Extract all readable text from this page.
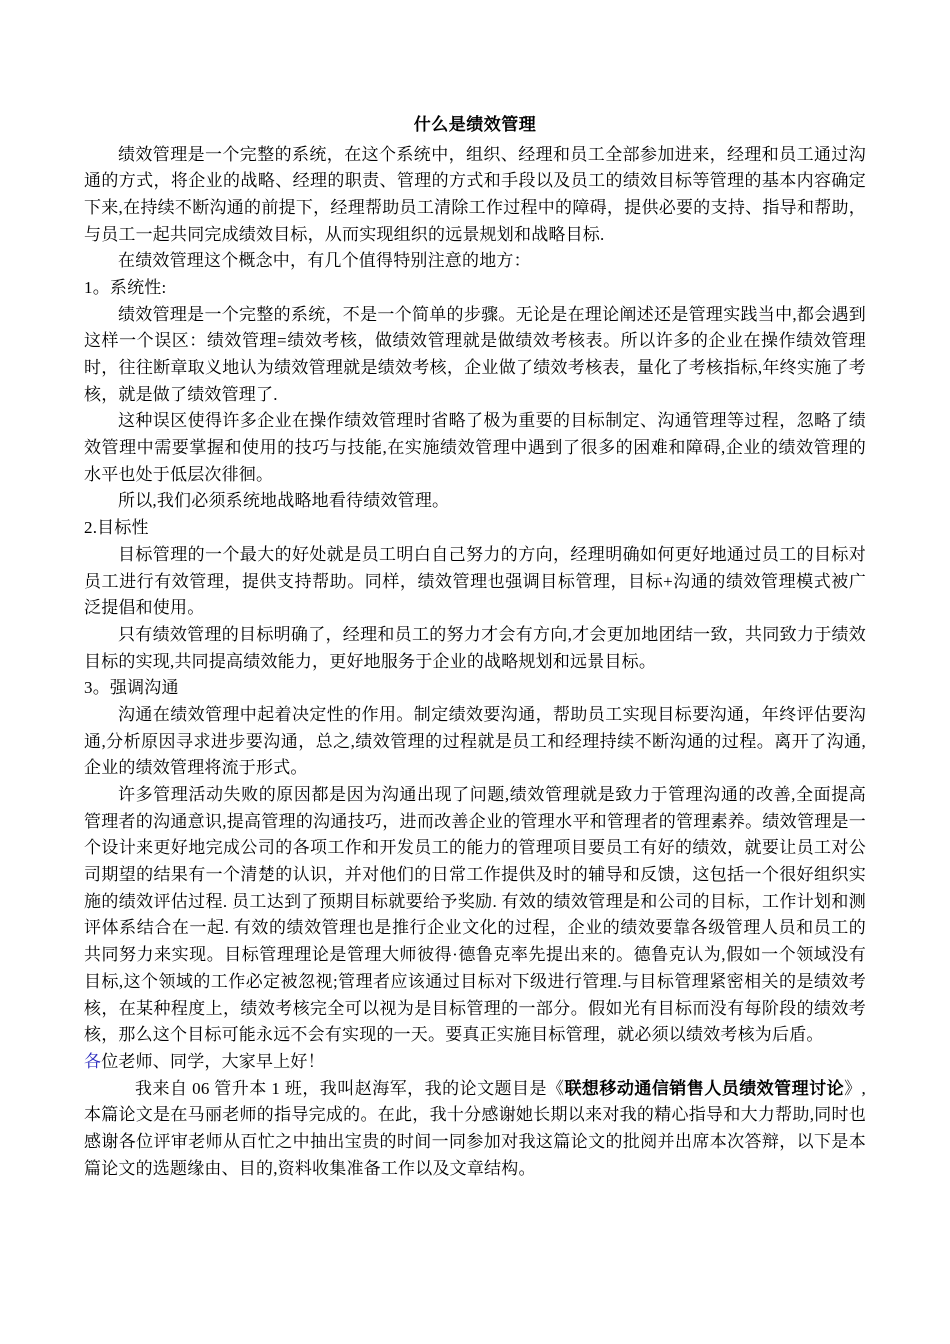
什么是绩效管理

绩效管理是一个完整的系统，在这个系统中，组织、经理和员工全部参加进来，经理和员工通过沟通的方式，将企业的战略、经理的职责、管理的方式和手段以及员工的绩效目标等管理的基本内容确定下来,在持续不断沟通的前提下，经理帮助员工清除工作过程中的障碍，提供必要的支持、指导和帮助，与员工一起共同完成绩效目标，从而实现组织的远景规划和战略目标.

在绩效管理这个概念中，有几个值得特别注意的地方：

1。系统性:

绩效管理是一个完整的系统，不是一个简单的步骤。无论是在理论阐述还是管理实践当中,都会遇到这样一个误区：绩效管理=绩效考核，做绩效管理就是做绩效考核表。所以许多的企业在操作绩效管理时，往往断章取义地认为绩效管理就是绩效考核，企业做了绩效考核表，量化了考核指标,年终实施了考核，就是做了绩效管理了.

这种误区使得许多企业在操作绩效管理时省略了极为重要的目标制定、沟通管理等过程，忽略了绩效管理中需要掌握和使用的技巧与技能,在实施绩效管理中遇到了很多的困难和障碍,企业的绩效管理的水平也处于低层次徘徊。

所以,我们必须系统地战略地看待绩效管理。

2.目标性

目标管理的一个最大的好处就是员工明白自己努力的方向，经理明确如何更好地通过员工的目标对员工进行有效管理，提供支持帮助。同样，绩效管理也强调目标管理，目标+沟通的绩效管理模式被广泛提倡和使用。

只有绩效管理的目标明确了，经理和员工的努力才会有方向,才会更加地团结一致，共同致力于绩效目标的实现,共同提高绩效能力，更好地服务于企业的战略规划和远景目标。

3。强调沟通

沟通在绩效管理中起着决定性的作用。制定绩效要沟通，帮助员工实现目标要沟通，年终评估要沟通,分析原因寻求进步要沟通，总之,绩效管理的过程就是员工和经理持续不断沟通的过程。离开了沟通,企业的绩效管理将流于形式。

许多管理活动失败的原因都是因为沟通出现了问题,绩效管理就是致力于管理沟通的改善,全面提高管理者的沟通意识,提高管理的沟通技巧，进而改善企业的管理水平和管理者的管理素养。绩效管理是一个设计来更好地完成公司的各项工作和开发员工的能力的管理项目要员工有好的绩效，就要让员工对公司期望的结果有一个清楚的认识，并对他们的日常工作提供及时的辅导和反馈，这包括一个很好组织实施的绩效评估过程. 员工达到了预期目标就要给予奖励. 有效的绩效管理是和公司的目标，工作计划和测评体系结合在一起. 有效的绩效管理也是推行企业文化的过程，企业的绩效要靠各级管理人员和员工的共同努力来实现。目标管理理论是管理大师彼得·德鲁克率先提出来的。德鲁克认为,假如一个领域没有目标,这个领域的工作必定被忽视;管理者应该通过目标对下级进行管理.与目标管理紧密相关的是绩效考核，在某种程度上，绩效考核完全可以视为是目标管理的一部分。假如光有目标而没有每阶段的绩效考核，那么这个目标可能永远不会有实现的一天。要真正实施目标管理，就必须以绩效考核为后盾。

各位老师、同学，大家早上好！

我来自 06 管升本 1 班，我叫赵海军，我的论文题目是《联想移动通信销售人员绩效管理讨论》,本篇论文是在马丽老师的指导完成的。在此，我十分感谢她长期以来对我的精心指导和大力帮助,同时也感谢各位评审老师从百忙之中抽出宝贵的时间一同参加对我这篇论文的批阅并出席本次答辩，以下是本篇论文的选题缘由、目的,资料收集准备工作以及文章结构。
